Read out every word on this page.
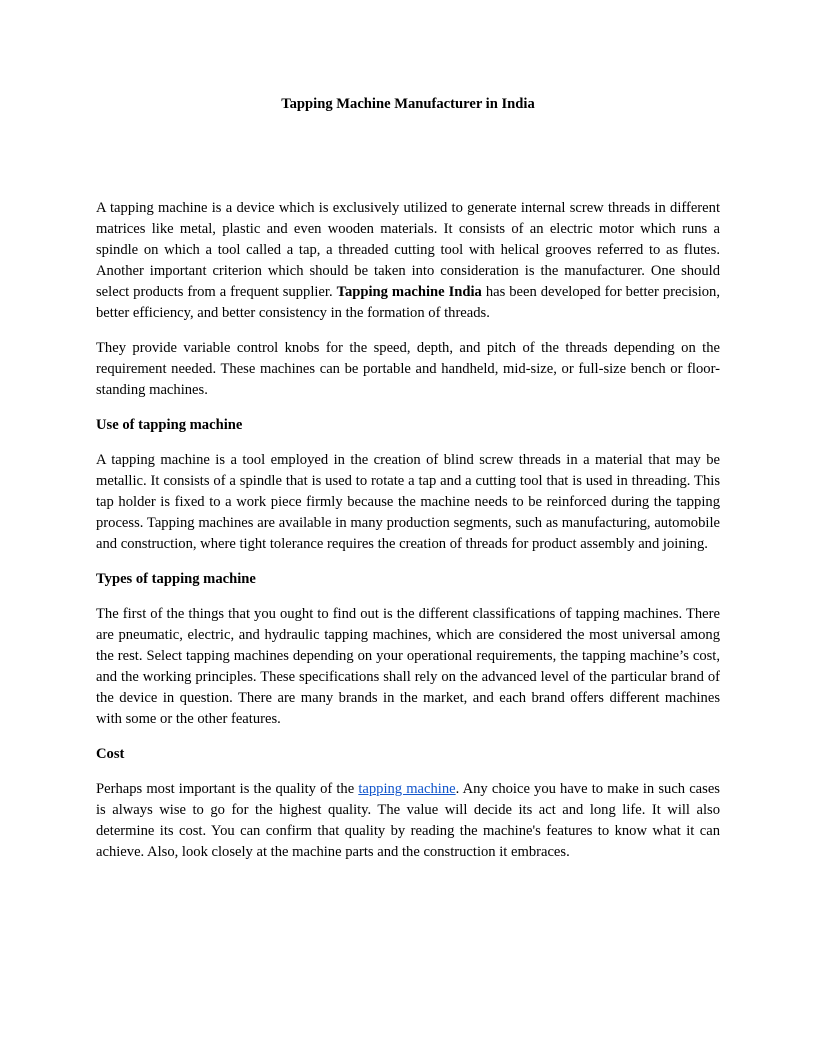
Tapping Machine Manufacturer in India

A tapping machine is a device which is exclusively utilized to generate internal screw threads in different matrices like metal, plastic and even wooden materials. It consists of an electric motor which runs a spindle on which a tool called a tap, a threaded cutting tool with helical grooves referred to as flutes. Another important criterion which should be taken into consideration is the manufacturer. One should select products from a frequent supplier. Tapping machine India has been developed for better precision, better efficiency, and better consistency in the formation of threads.

They provide variable control knobs for the speed, depth, and pitch of the threads depending on the requirement needed. These machines can be portable and handheld, mid-size, or full-size bench or floor-standing machines.

Use of tapping machine

A tapping machine is a tool employed in the creation of blind screw threads in a material that may be metallic. It consists of a spindle that is used to rotate a tap and a cutting tool that is used in threading. This tap holder is fixed to a work piece firmly because the machine needs to be reinforced during the tapping process. Tapping machines are available in many production segments, such as manufacturing, automobile and construction, where tight tolerance requires the creation of threads for product assembly and joining.

Types of tapping machine

The first of the things that you ought to find out is the different classifications of tapping machines. There are pneumatic, electric, and hydraulic tapping machines, which are considered the most universal among the rest. Select tapping machines depending on your operational requirements, the tapping machine’s cost, and the working principles. These specifications shall rely on the advanced level of the particular brand of the device in question. There are many brands in the market, and each brand offers different machines with some or the other features.

Cost

Perhaps most important is the quality of the tapping machine. Any choice you have to make in such cases is always wise to go for the highest quality. The value will decide its act and long life. It will also determine its cost. You can confirm that quality by reading the machine's features to know what it can achieve. Also, look closely at the machine parts and the construction it embraces.
